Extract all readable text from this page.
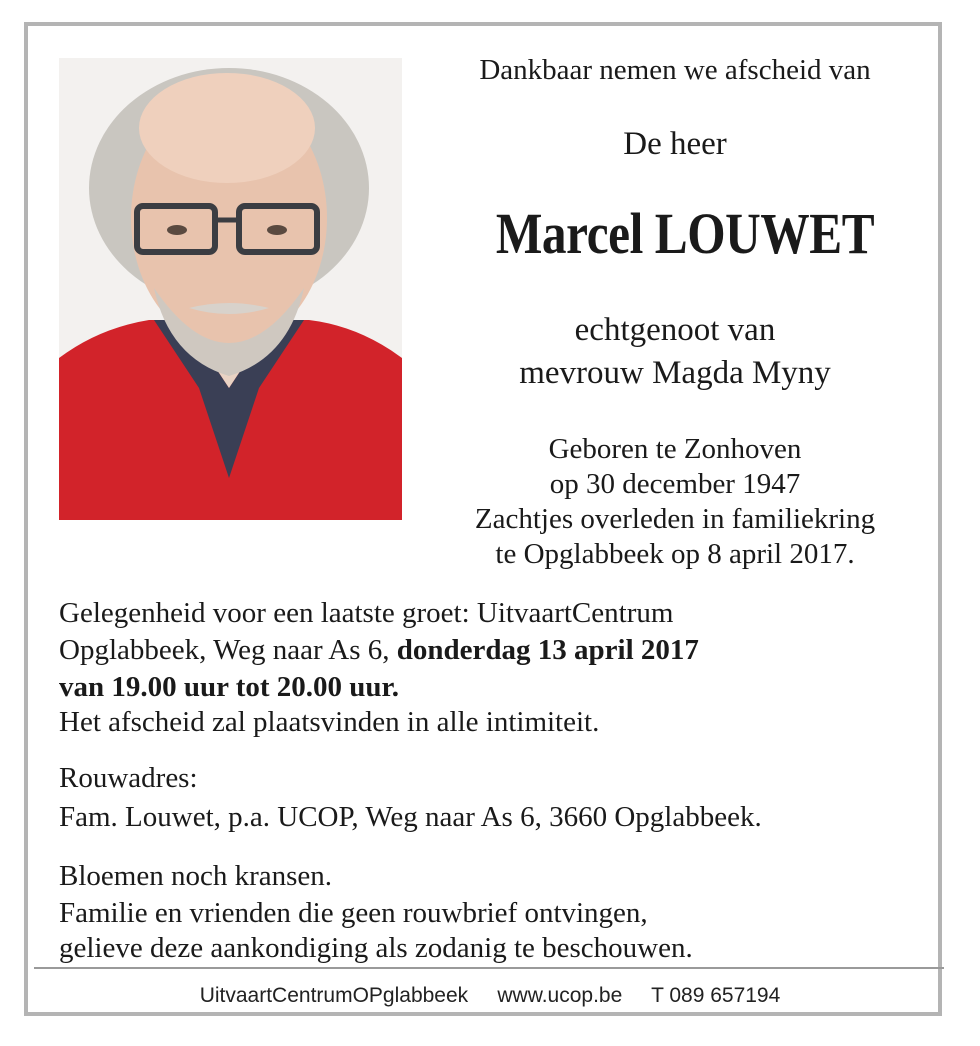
Dankbaar nemen we afscheid van
De heer
Marcel LOUWET
echtgenoot van
mevrouw Magda Myny
Geboren te Zonhoven
op 30 december 1947
Zachtjes overleden in familiekring
te Opglabbeek op 8 april 2017.
Gelegenheid voor een laatste groet: UitvaartCentrum
Opglabbeek, Weg naar As 6, donderdag 13 april 2017
van 19.00 uur tot 20.00 uur.
Het afscheid zal plaatsvinden in alle intimiteit.
Rouwadres:
Fam. Louwet, p.a. UCOP, Weg naar As 6, 3660 Opglabbeek.
Bloemen noch kransen.
Familie en vrienden die geen rouwbrief ontvingen,
gelieve deze aankondiging als zodanig te beschouwen.
UitvaartCentrumOPglabbeek www.ucop.be T 089 657194
